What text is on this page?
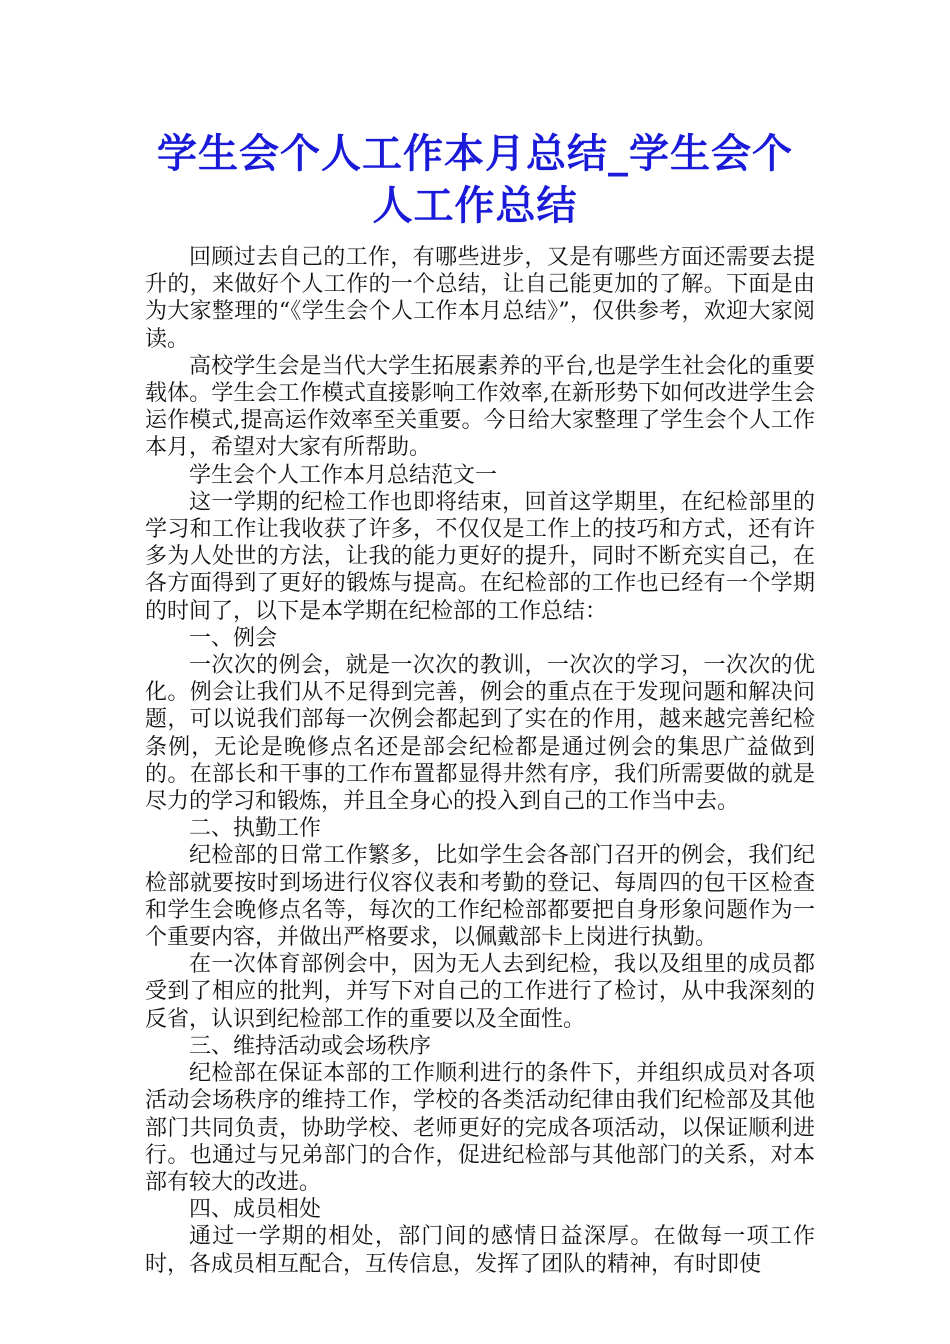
学生会个人工作本月总结_学生会个
人工作总结

回顾过去自己的工作，有哪些进步，又是有哪些方面还需要去提升的，来做好个人工作的一个总结，让自己能更加的了解。下面是由为大家整理的“《学生会个人工作本月总结》”，仅供参考，欢迎大家阅读。

高校学生会是当代大学生拓展素养的平台,也是学生社会化的重要载体。学生会工作模式直接影响工作效率,在新形势下如何改进学生会运作模式,提高运作效率至关重要。今日给大家整理了学生会个人工作本月，希望对大家有所帮助。

学生会个人工作本月总结范文一

这一学期的纪检工作也即将结束，回首这学期里，在纪检部里的学习和工作让我收获了许多，不仅仅是工作上的技巧和方式，还有许多为人处世的方法，让我的能力更好的提升，同时不断充实自己，在各方面得到了更好的锻炼与提高。在纪检部的工作也已经有一个学期的时间了，以下是本学期在纪检部的工作总结：

一、例会

一次次的例会，就是一次次的教训，一次次的学习，一次次的优化。例会让我们从不足得到完善，例会的重点在于发现问题和解决问题，可以说我们部每一次例会都起到了实在的作用，越来越完善纪检条例，无论是晚修点名还是部会纪检都是通过例会的集思广益做到的。在部长和干事的工作布置都显得井然有序，我们所需要做的就是尽力的学习和锻炼，并且全身心的投入到自己的工作当中去。

二、执勤工作

纪检部的日常工作繁多，比如学生会各部门召开的例会，我们纪检部就要按时到场进行仪容仪表和考勤的登记、每周四的包干区检查和学生会晚修点名等，每次的工作纪检部都要把自身形象问题作为一个重要内容，并做出严格要求，以佩戴部卡上岗进行执勤。

在一次体育部例会中，因为无人去到纪检，我以及组里的成员都受到了相应的批判，并写下对自己的工作进行了检讨，从中我深刻的反省，认识到纪检部工作的重要以及全面性。

三、维持活动或会场秩序

纪检部在保证本部的工作顺利进行的条件下，并组织成员对各项活动会场秩序的维持工作，学校的各类活动纪律由我们纪检部及其他部门共同负责，协助学校、老师更好的完成各项活动，以保证顺利进行。也通过与兄弟部门的合作，促进纪检部与其他部门的关系，对本部有较大的改进。

四、成员相处

通过一学期的相处，部门间的感情日益深厚。在做每一项工作时，各成员相互配合，互传信息，发挥了团队的精神，有时即使
